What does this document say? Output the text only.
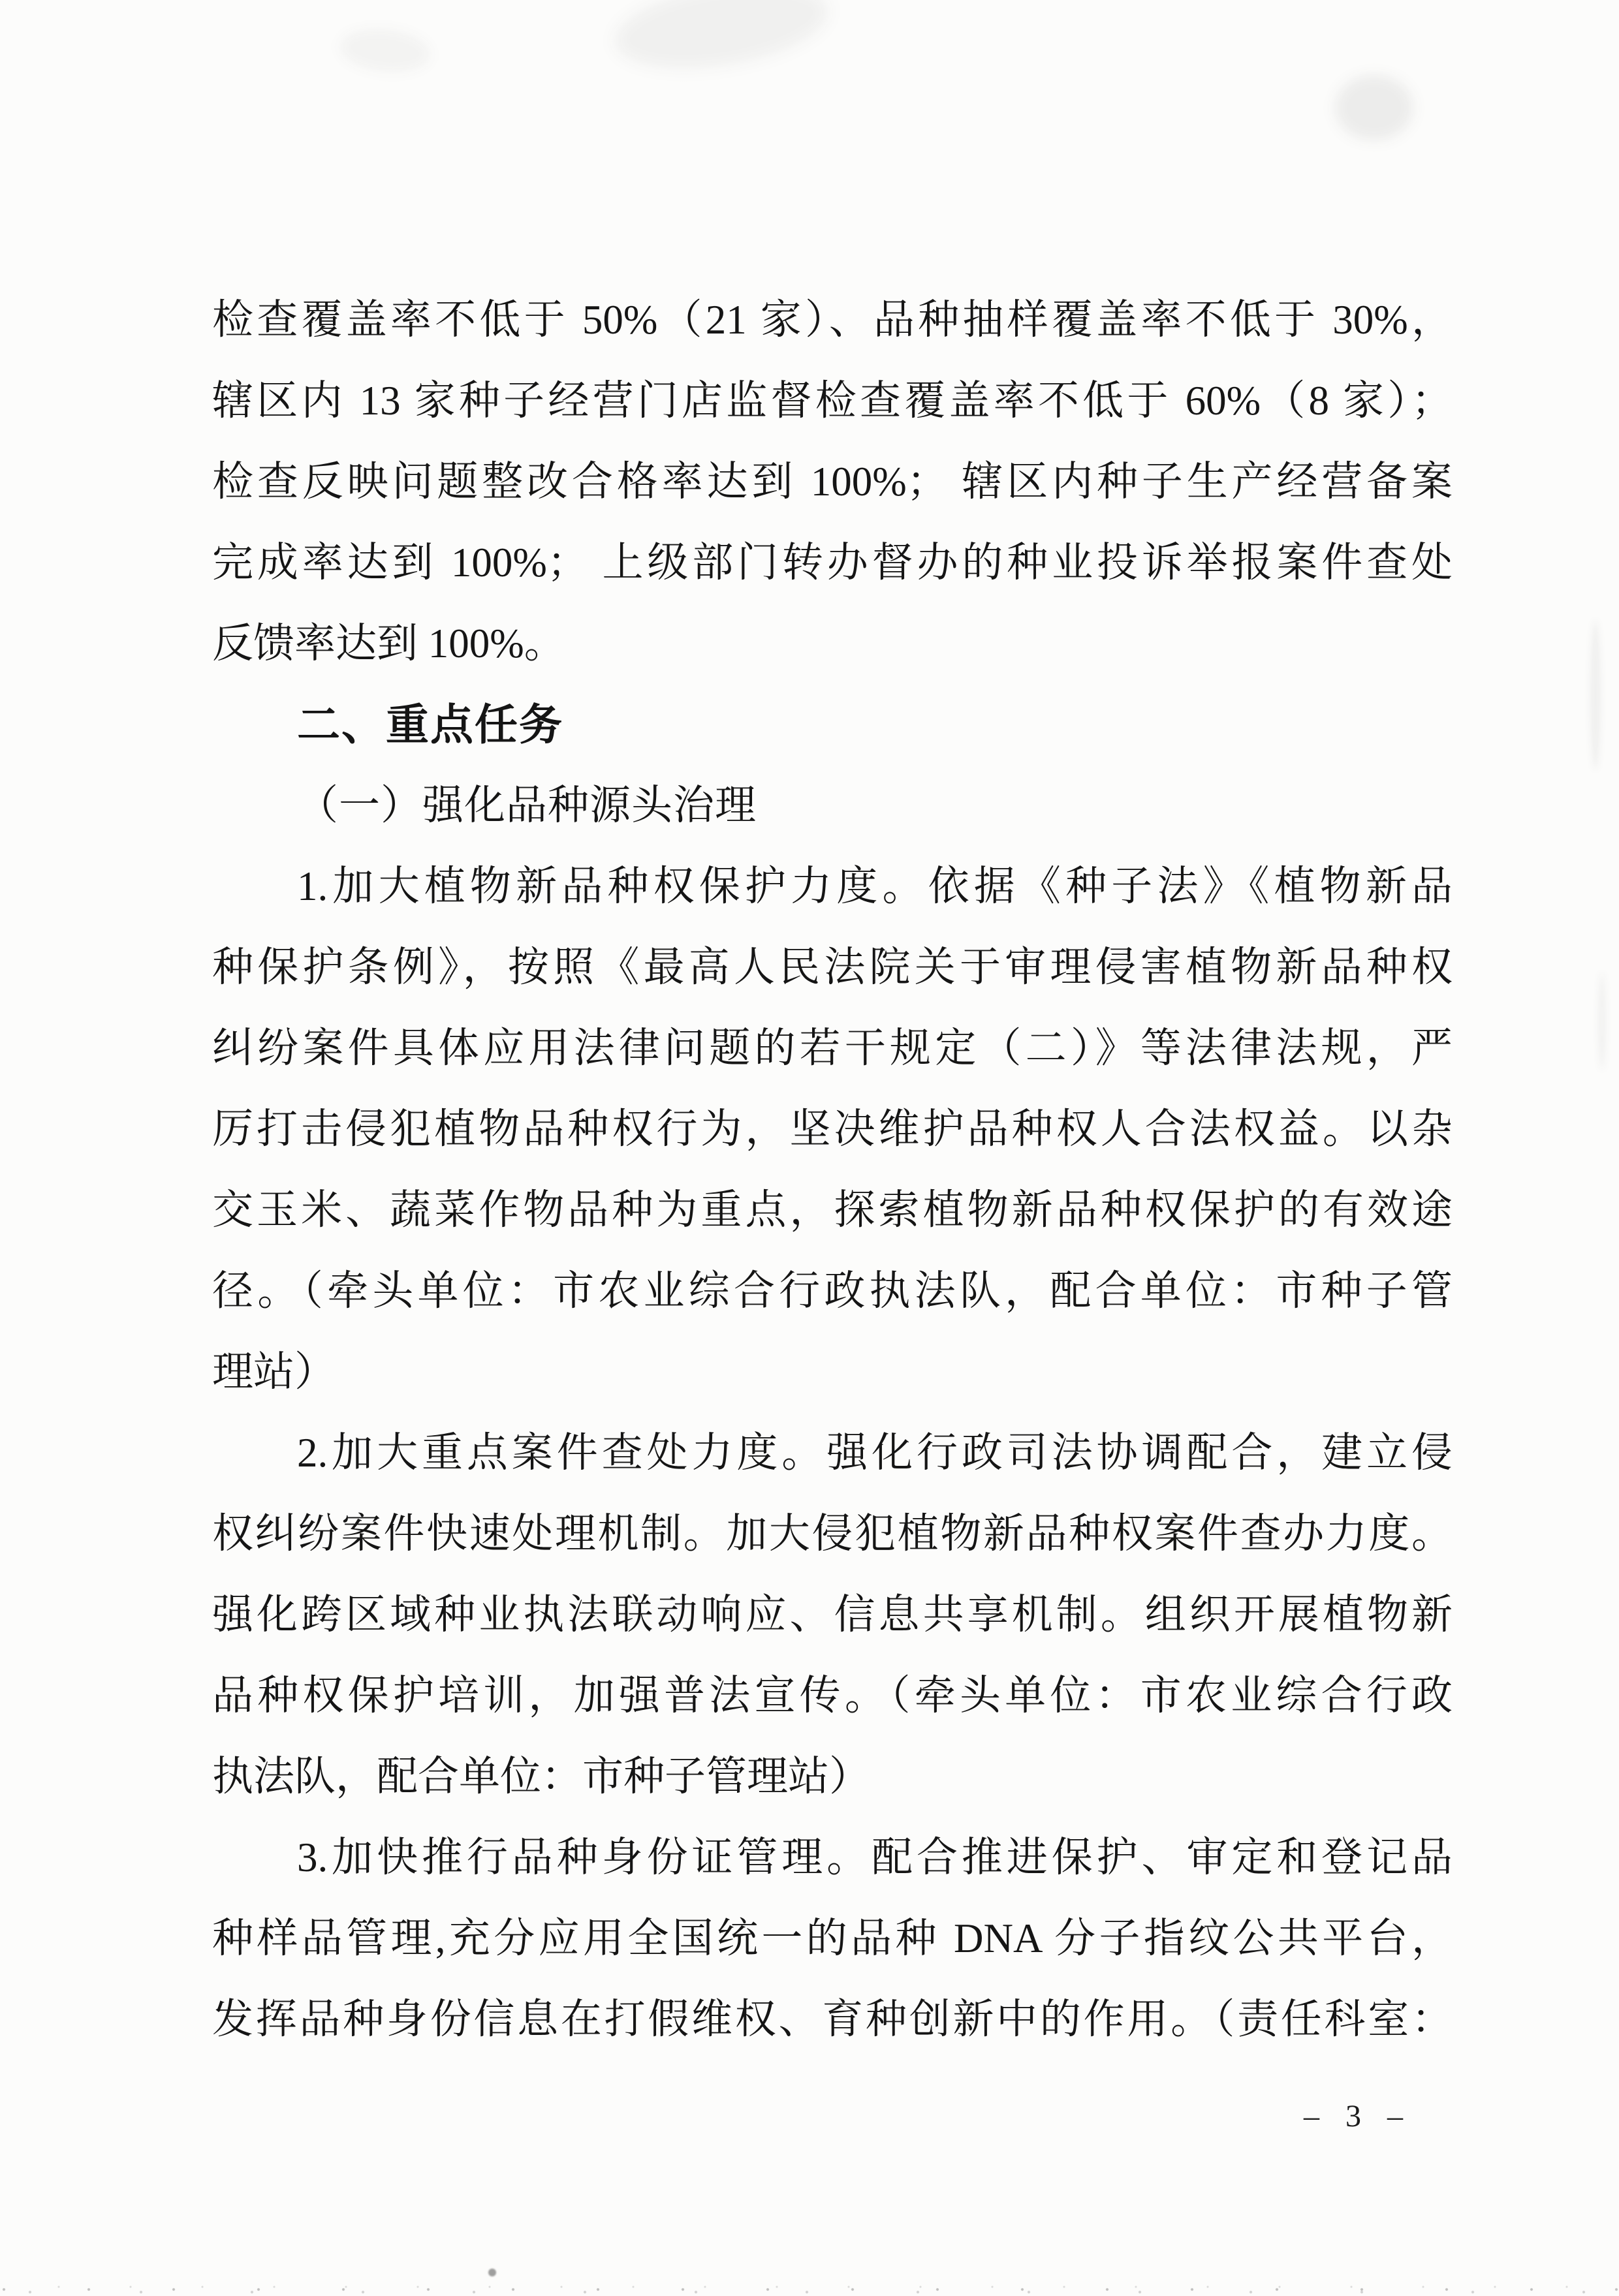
检查覆盖率不低于 50%（21 家）、品种抽样覆盖率不低于 30%，

辖区内 13 家种子经营门店监督检查覆盖率不低于 60%（8 家）；

检查反映问题整改合格率达到 100%； 辖区内种子生产经营备案

完成率达到 100%； 上级部门转办督办的种业投诉举报案件查处

反馈率达到 100%。

二、重点任务

（一）强化品种源头治理

1.加大植物新品种权保护力度。依据《种子法》《植物新品

种保护条例》，按照《最高人民法院关于审理侵害植物新品种权

纠纷案件具体应用法律问题的若干规定（二）》等法律法规，严

厉打击侵犯植物品种权行为，坚决维护品种权人合法权益。以杂

交玉米、蔬菜作物品种为重点，探索植物新品种权保护的有效途

径。（牵头单位：市农业综合行政执法队，配合单位：市种子管

理站）

2.加大重点案件查处力度。强化行政司法协调配合，建立侵

权纠纷案件快速处理机制。加大侵犯植物新品种权案件查办力度。

强化跨区域种业执法联动响应、信息共享机制。组织开展植物新

品种权保护培训，加强普法宣传。（牵头单位：市农业综合行政

执法队，配合单位：市种子管理站）

3.加快推行品种身份证管理。配合推进保护、审定和登记品

种样品管理,充分应用全国统一的品种 DNA 分子指纹公共平台，

发挥品种身份信息在打假维权、育种创新中的作用。（责任科室：

– 3 –
